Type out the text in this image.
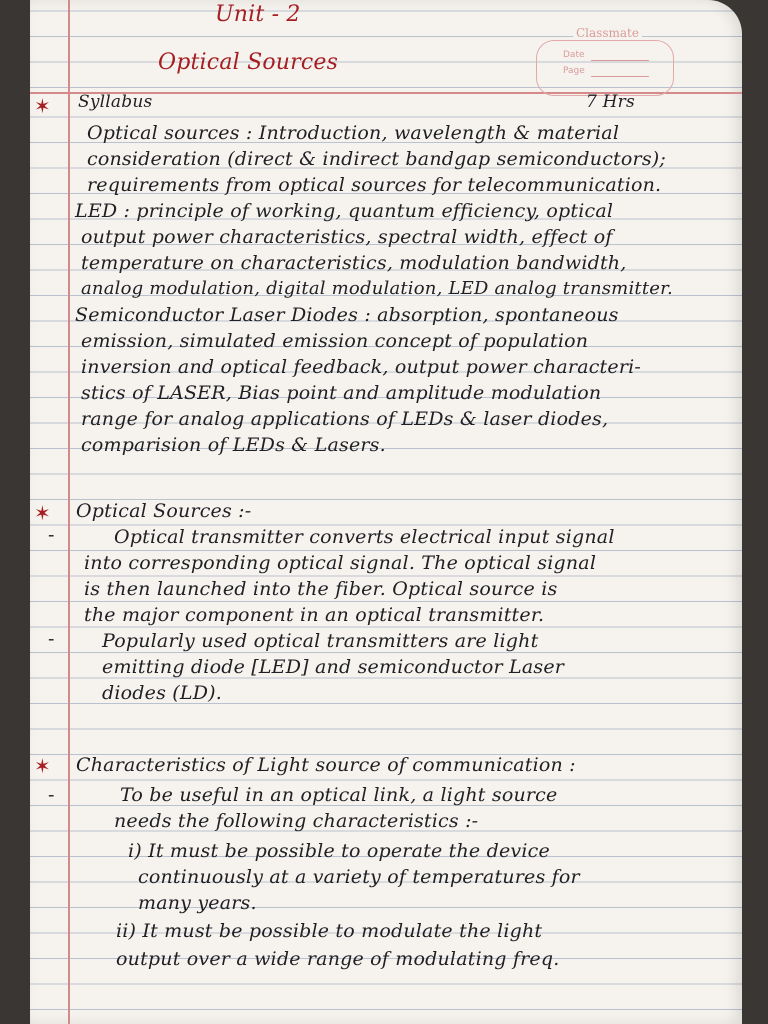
Classmate
Date
Page
Unit - 2
Optical Sources
✶ Syllabus	7 Hrs
Optical sources : Introduction, wavelength & material
consideration (direct & indirect bandgap semiconductors);
requirements from optical sources for telecommunication.
LED : principle of working, quantum efficiency, optical
output power characteristics, spectral width, effect of
temperature on characteristics, modulation bandwidth,
analog modulation, digital modulation, LED analog transmitter.
Semiconductor Laser Diodes : absorption, spontaneous
emission, simulated emission concept of population
inversion and optical feedback, output power characteri-
stics of LASER, Bias point and amplitude modulation
range for analog applications of LEDs & laser diodes,
comparision of LEDs & Lasers.
✶ Optical Sources :-
-	Optical transmitter converts electrical input signal
into corresponding optical signal. The optical signal
is then launched into the fiber. Optical source is
the major component in an optical transmitter.
- Popularly used optical transmitters are light
emitting diode [LED] and semiconductor Laser
diodes (LD).
✶ Characteristics of Light source of communication :
-	To be useful in an optical link, a light source
needs the following characteristics :-
i) It must be possible to operate the device
continuously at a variety of temperatures for
many years.
ii) It must be possible to modulate the light
output over a wide range of modulating freq.
